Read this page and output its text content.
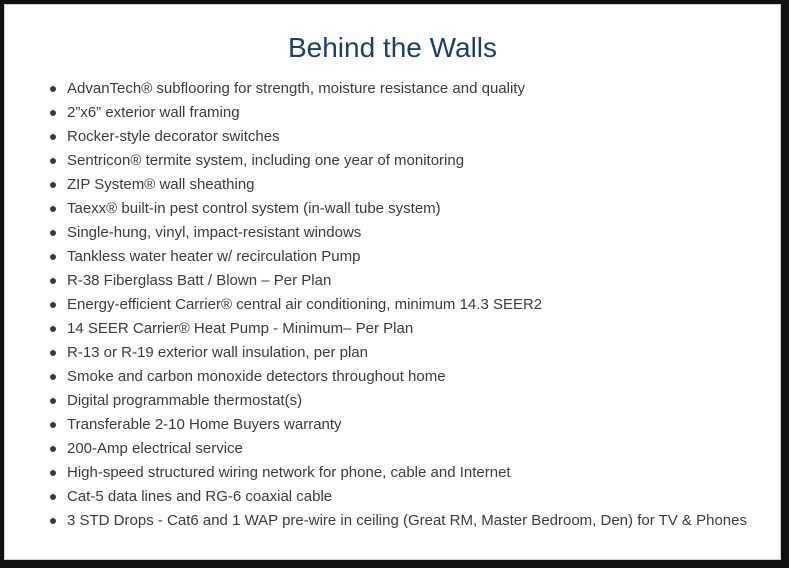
Behind the Walls
AdvanTech® subflooring for strength, moisture resistance and quality
2”x6” exterior wall framing
Rocker-style decorator switches
Sentricon® termite system, including one year of monitoring
ZIP System® wall sheathing
Taexx® built-in pest control system (in-wall tube system)
Single-hung, vinyl, impact-resistant windows
Tankless water heater w/ recirculation Pump
R-38 Fiberglass Batt / Blown – Per Plan
Energy-efficient Carrier® central air conditioning, minimum 14.3 SEER2
14 SEER Carrier® Heat Pump - Minimum– Per Plan
R-13 or R-19 exterior wall insulation, per plan
Smoke and carbon monoxide detectors throughout home
Digital programmable thermostat(s)
Transferable 2-10 Home Buyers warranty
200-Amp electrical service
High-speed structured wiring network for phone, cable and Internet
Cat-5 data lines and RG-6 coaxial cable
3 STD Drops - Cat6 and 1 WAP pre-wire in ceiling (Great RM, Master Bedroom, Den) for TV & Phones
